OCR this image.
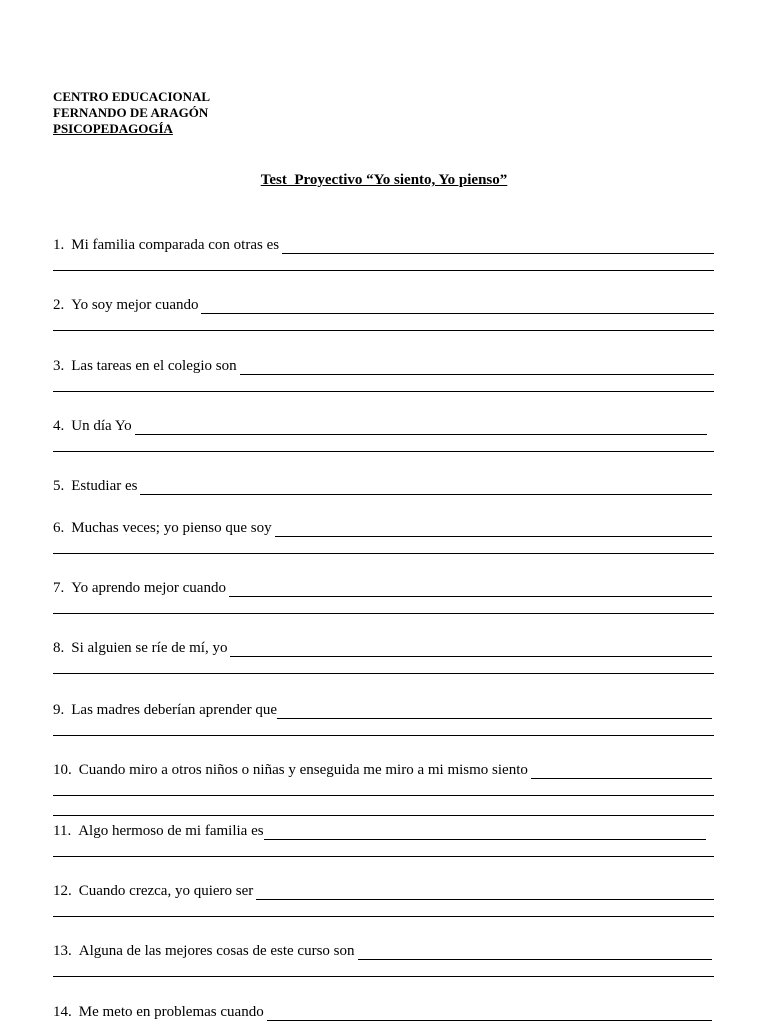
CENTRO EDUCACIONAL
FERNANDO DE ARAGÓN
PSICOPEDAGOGÍA
Test  Proyectivo “Yo siento, Yo pienso”
1. Mi familia comparada con otras es
2. Yo soy mejor cuando
3. Las tareas en el colegio son
4. Un día Yo
5. Estudiar es
6. Muchas veces; yo pienso que soy
7. Yo aprendo mejor cuando
8. Si alguien se ríe de mí, yo
9. Las madres deberían aprender que
10. Cuando miro a otros niños o niñas y enseguida me miro a mi mismo siento
11. Algo hermoso de mi familia es
12. Cuando crezca, yo quiero ser
13. Alguna de las mejores cosas de este curso son
14. Me meto en problemas cuando
